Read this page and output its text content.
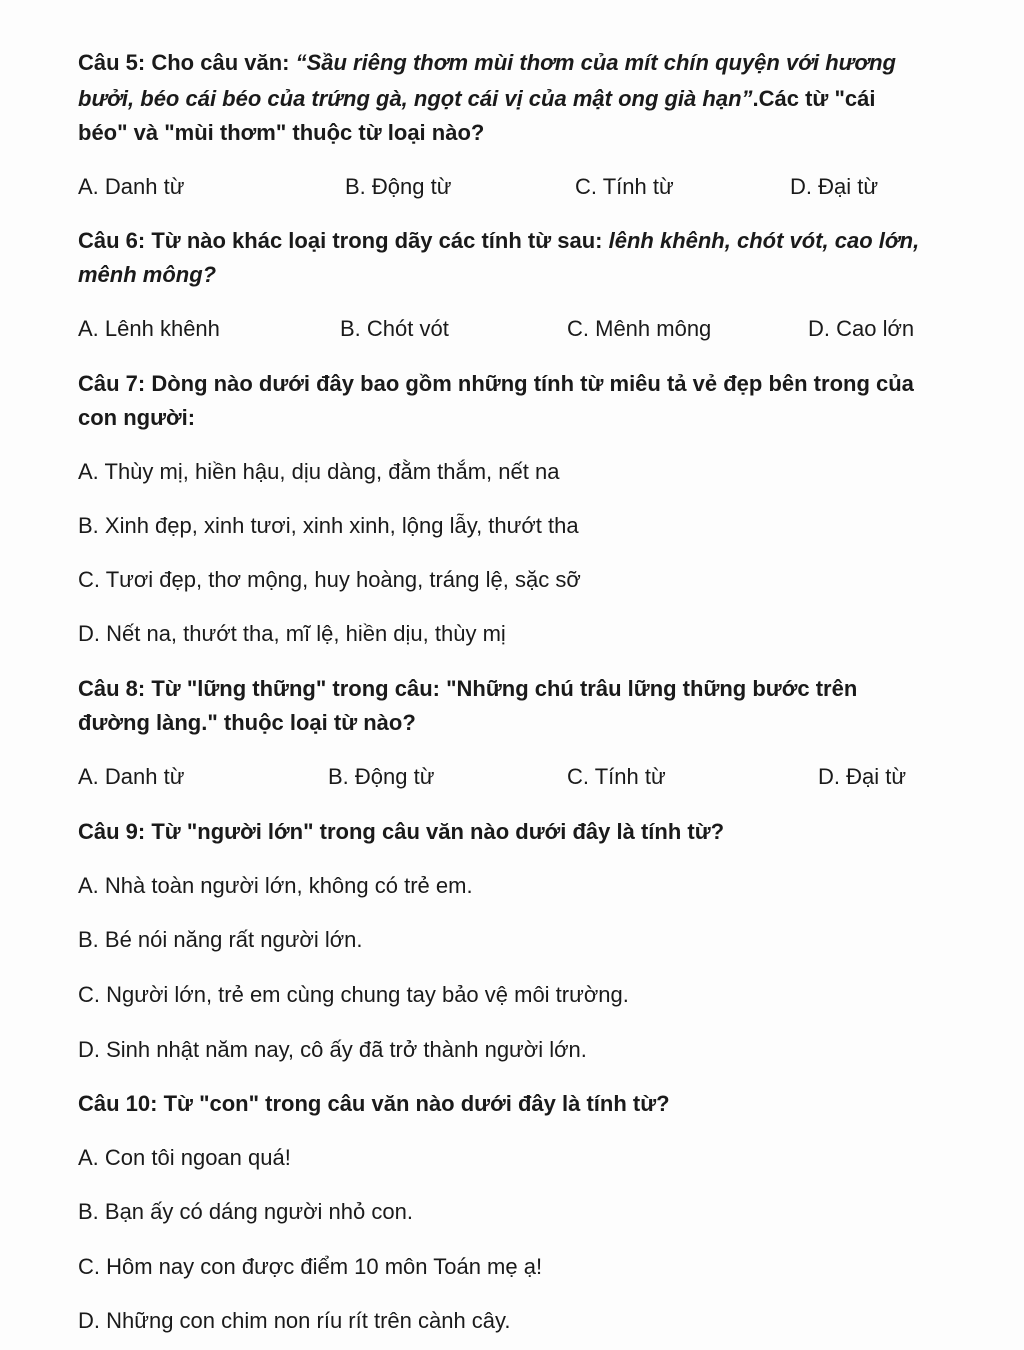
Câu 5: Cho câu văn: “Sầu riêng thơm mùi thơm của mít chín quyện với hương
bưởi, béo cái béo của trứng gà, ngọt cái vị của mật ong già hạn”.Các từ "cái
béo" và "mùi thơm" thuộc từ loại nào?
A. Danh từ	B. Động từ	C. Tính từ	D. Đại từ
Câu 6: Từ nào khác loại trong dãy các tính từ sau: lênh khênh, chót vót, cao lớn,
mênh mông?
A. Lênh khênh	B. Chót vót	C. Mênh mông	D. Cao lớn
Câu 7: Dòng nào dưới đây bao gồm những tính từ miêu tả vẻ đẹp bên trong của
con người:
A. Thùy mị, hiền hậu, dịu dàng, đằm thắm, nết na
B. Xinh đẹp, xinh tươi, xinh xinh, lộng lẫy, thướt tha
C. Tươi đẹp, thơ mộng, huy hoàng, tráng lệ, sặc sỡ
D. Nết na, thướt tha, mĩ lệ, hiền dịu, thùy mị
Câu 8: Từ "lững thững" trong câu: "Những chú trâu lững thững bước trên
đường làng." thuộc loại từ nào?
A. Danh từ	B. Động từ	C. Tính từ	D. Đại từ
Câu 9: Từ "người lớn" trong câu văn nào dưới đây là tính từ?
A. Nhà toàn người lớn, không có trẻ em.
B. Bé nói năng rất người lớn.
C. Người lớn, trẻ em cùng chung tay bảo vệ môi trường.
D. Sinh nhật năm nay, cô ấy đã trở thành người lớn.
Câu 10: Từ "con" trong câu văn nào dưới đây là tính từ?
A. Con tôi ngoan quá!
B. Bạn ấy có dáng người nhỏ con.
C. Hôm nay con được điểm 10 môn Toán mẹ ạ!
D. Những con chim non ríu rít trên cành cây.
